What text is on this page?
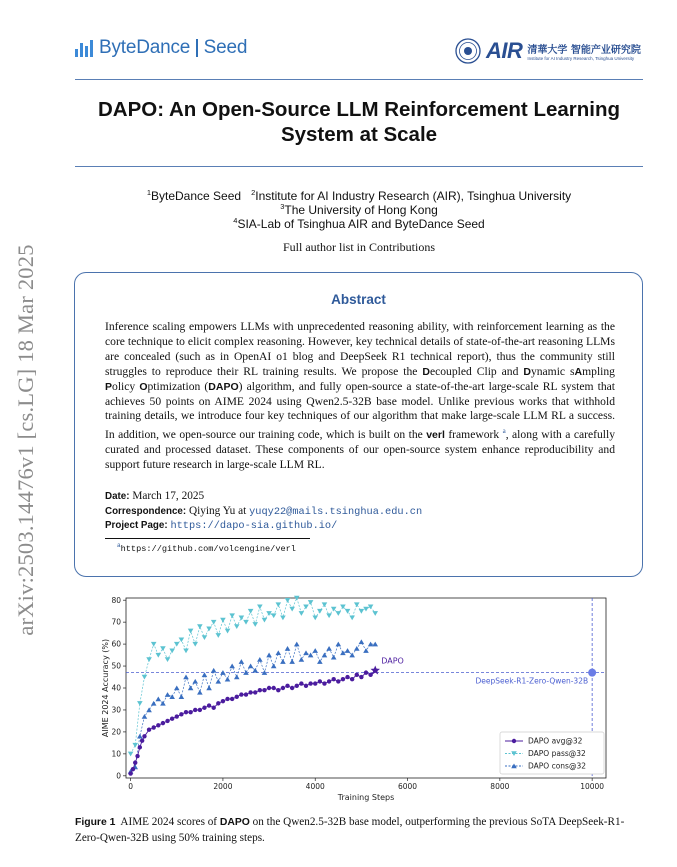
ByteDance Seed	AIR 清華大学 智能产业研究院
Institute for AI Industry Research, Tsinghua University
DAPO: An Open-Source LLM Reinforcement Learning
System at Scale
$^1$ByteDance Seed $^2$Institute for AI Industry Research (AIR), Tsinghua University
$^3$The University of Hong Kong
$^4$SIA-Lab of Tsinghua AIR and ByteDance Seed
Full author list in Contributions
Abstract
Inference scaling empowers LLMs with unprecedented reasoning ability, with reinforcement learning as the core technique to elicit complex reasoning. However, key technical details of state-of-the-art reasoning LLMs are concealed (such as in OpenAI o1 blog and DeepSeek R1 technical report), thus the community still struggles to reproduce their RL training results. We propose the Decoupled Clip and Dynamic sAmpling Policy Optimization (DAPO) algorithm, and fully open-source a state-of-the-art large-scale RL system that achieves 50 points on AIME 2024 using Qwen2.5-32B base model. Unlike previous works that withhold training details, we introduce four key techniques of our algorithm that make large-scale LLM RL a success. In addition, we open-source our training code, which is built on the verl framework $^a$, along with a carefully curated and processed dataset. These components of our open-source system enhance reproducibility and support future research in large-scale LLM RL.
Date: March 17, 2025
Correspondence: Qiying Yu at yuqy22@mails.tsinghua.edu.cn
Project Page: https://dapo-sia.github.io/
$^a$https://github.com/volcengine/verl
arXiv:2503.14476v1 [cs.LG] 18 Mar 2025
0	2000	4000	6000	8000	10000
0
10
20
30
40
50
60
70
80
Training Steps
AIME 2024 Accuracy (%)	DeepSeek-R1-Zero-Qwen-32B
DAPO
DAPO avg@32
DAPO pass@32
DAPO cons@32
Figure 1 AIME 2024 scores of DAPO on the Qwen2.5-32B base model, outperforming the previous SoTA DeepSeek-R1-Zero-Qwen-32B using 50% training steps.
